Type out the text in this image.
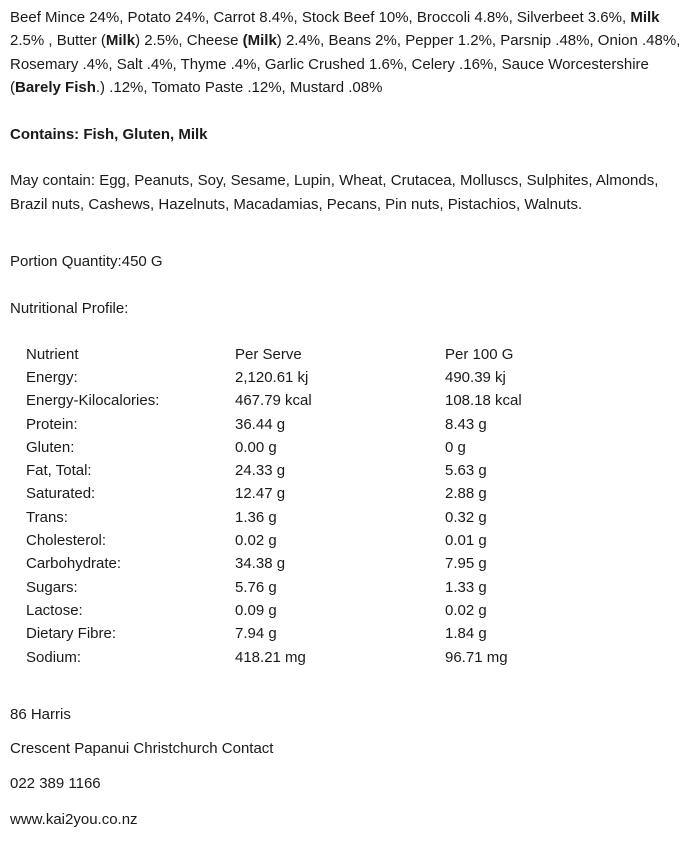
Beef Mince 24%, Potato 24%, Carrot 8.4%, Stock Beef 10%, Broccoli 4.8%, Silverbeet 3.6%, Milk 2.5% , Butter (Milk) 2.5%, Cheese (Milk) 2.4%, Beans 2%, Pepper 1.2%, Parsnip .48%, Onion .48%, Rosemary .4%, Salt .4%, Thyme .4%, Garlic Crushed 1.6%, Celery .16%, Sauce Worcestershire (Barely Fish.) .12%, Tomato Paste .12%, Mustard .08%

Contains: Fish, Gluten, Milk

May contain: Egg, Peanuts, Soy, Sesame, Lupin, Wheat, Crutacea, Molluscs, Sulphites, Almonds, Brazil nuts, Cashews, Hazelnuts, Macadamias, Pecans, Pin nuts, Pistachios, Walnuts.

Portion Quantity:450 G

Nutritional Profile:

Nutrient	Per Serve	Per 100 G
Energy:	2,120.61 kj	490.39 kj
Energy-Kilocalories:	467.79 kcal	108.18 kcal
Protein:	36.44 g	8.43 g
Gluten:	0.00 g	0 g
Fat, Total:	24.33 g	5.63 g
Saturated:	12.47 g	2.88 g
Trans:	1.36 g	0.32 g
Cholesterol:	0.02 g	0.01 g
Carbohydrate:	34.38 g	7.95 g
Sugars:	5.76 g	1.33 g
Lactose:	0.09 g	0.02 g
Dietary Fibre:	7.94 g	1.84 g
Sodium:	418.21 mg	96.71 mg

86 Harris

Crescent Papanui Christchurch Contact

022 389 1166

www.kai2you.co.nz
